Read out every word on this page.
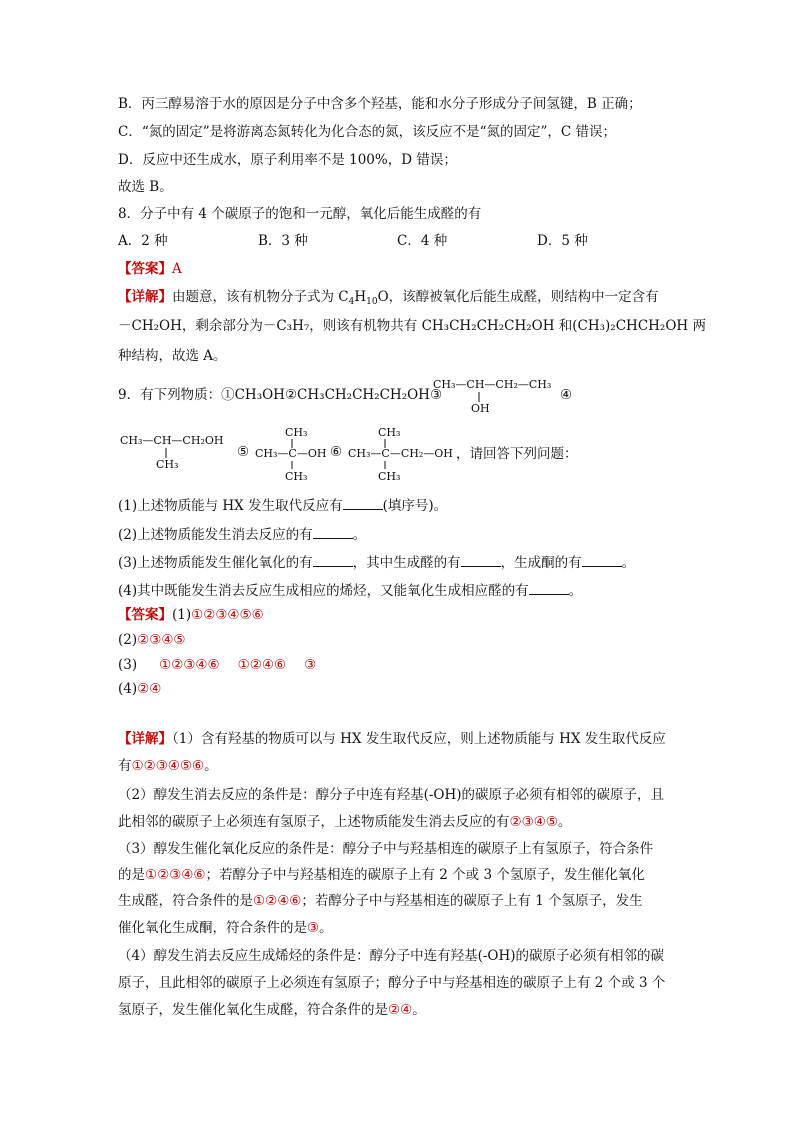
B．丙三醇易溶于水的原因是分子中含多个羟基，能和水分子形成分子间氢键，B 正确；
C．“氮的固定”是将游离态氮转化为化合态的氮，该反应不是“氮的固定”，C 错误；
D．反应中还生成水，原子利用率不是 100%，D 错误；
故选 B。
8．分子中有 4 个碳原子的饱和一元醇，氧化后能生成醛的有
A．2 种	B．3 种	C．4 种	D．5 种
【答案】A
【详解】由题意，该有机物分子式为 $C_4H_{10}O$，该醇被氧化后能生成醛，则结构中一定含有
－CH₂OH，剩余部分为－C₃H₇，则该有机物共有 CH₃CH₂CH₂CH₂OH 和(CH₃)₂CHCH₂OH 两
种结构，故选 A。
9．有下列物质：①CH₃OH②CH₃CH₂CH₂CH₂OH③
CH₃—CH—CH₂—CH₃
OH
④
CH₃—CH—CH₂OH
CH₃
⑤
CH₃
CH₃—C—OH
CH₃
⑥
CH₃
CH₃—C—CH₂—OH
CH₃
，请回答下列问题：
(1)上述物质能与 HX 发生取代反应有	(填序号)。
(2)上述物质能发生消去反应的有	。
(3)上述物质能发生催化氧化的有	，其中生成醛的有	，生成酮的有	。
(4)其中既能发生消去反应生成相应的烯烃，又能氧化生成相应醛的有	。
【答案】(1)①②③④⑤⑥
(2)②③④⑤
(3) ①②③④⑥ ①②④⑥ ③
(4)②④
【详解】（1）含有羟基的物质可以与 HX 发生取代反应，则上述物质能与 HX 发生取代反应
有①②③④⑤⑥。
（2）醇发生消去反应的条件是：醇分子中连有羟基(-OH)的碳原子必须有相邻的碳原子，且
此相邻的碳原子上必须连有氢原子，上述物质能发生消去反应的有②③④⑤。
（3）醇发生催化氧化反应的条件是：醇分子中与羟基相连的碳原子上有氢原子，符合条件
的是①②③④⑥；若醇分子中与羟基相连的碳原子上有 2 个或 3 个氢原子，发生催化氧化
生成醛，符合条件的是①②④⑥；若醇分子中与羟基相连的碳原子上有 1 个氢原子，发生
催化氧化生成酮，符合条件的是③。
（4）醇发生消去反应生成烯烃的条件是：醇分子中连有羟基(-OH)的碳原子必须有相邻的碳
原子，且此相邻的碳原子上必须连有氢原子；醇分子中与羟基相连的碳原子上有 2 个或 3 个
氢原子，发生催化氧化生成醛，符合条件的是②④。
